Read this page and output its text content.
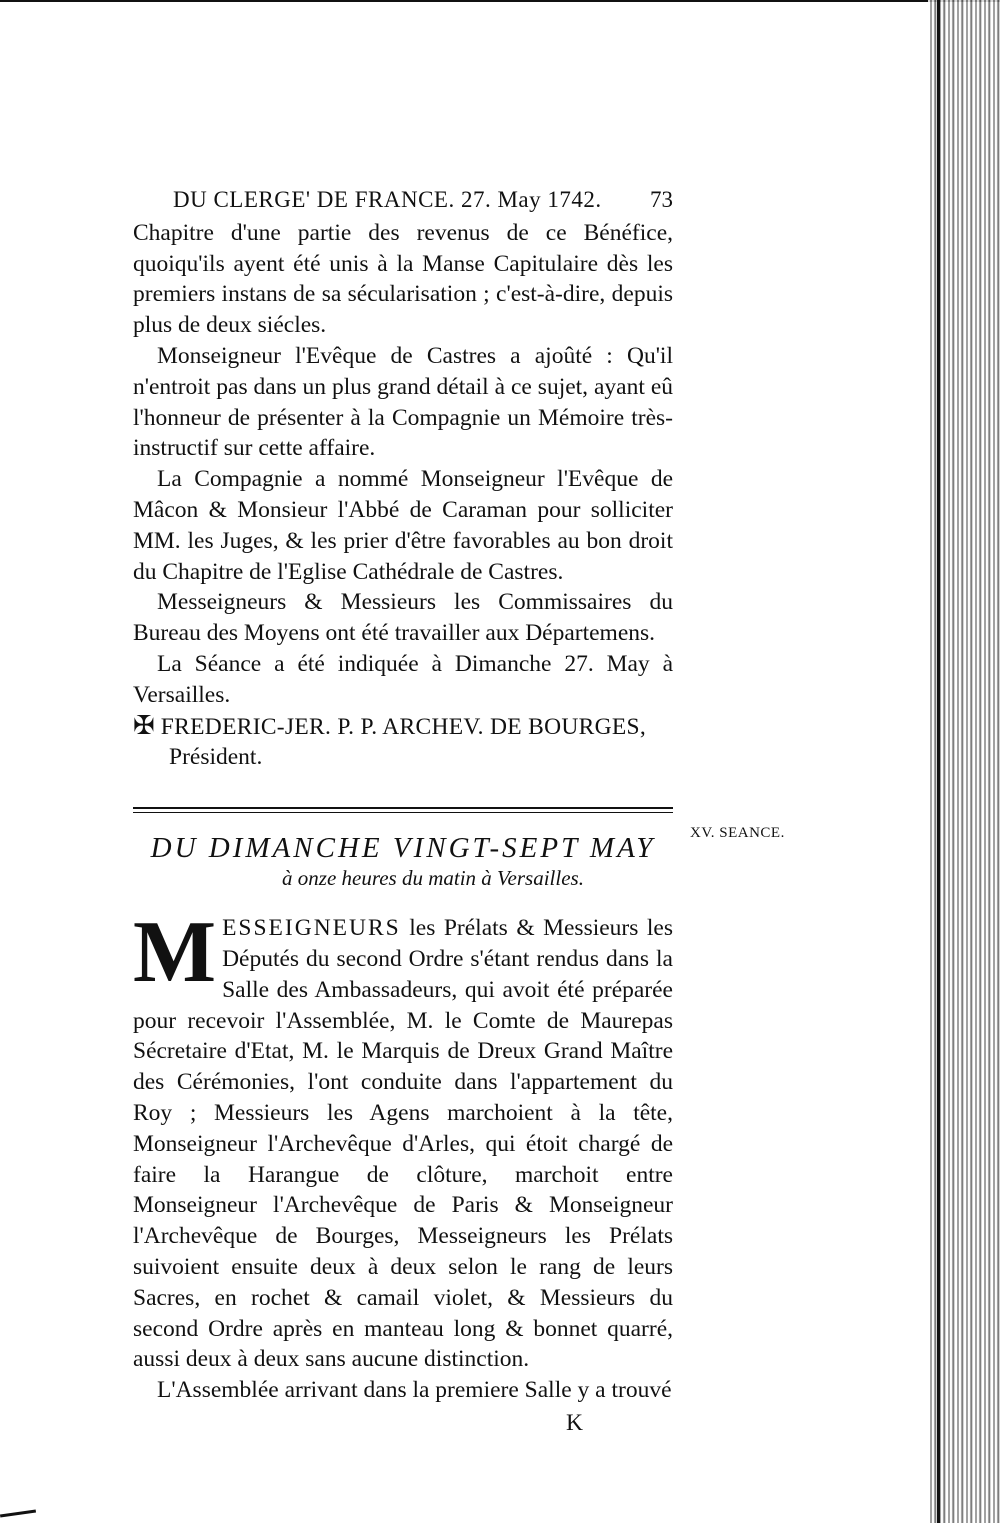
DU CLERGE' DE FRANCE. 27. May 1742. 73

Chapitre d'une partie des revenus de ce Bénéfice, quoiqu'ils ayent été unis à la Manse Capitulaire dès les premiers instans de sa sécularisation ; c'est-à-dire, depuis plus de deux siécles.

Monseigneur l'Evêque de Castres a ajoûté : Qu'il n'entroit pas dans un plus grand détail à ce sujet, ayant eû l'honneur de présenter à la Compagnie un Mémoire très-instructif sur cette affaire.

La Compagnie a nommé Monseigneur l'Evêque de Mâcon & Monsieur l'Abbé de Caraman pour solliciter MM. les Juges, & les prier d'être favorables au bon droit du Chapitre de l'Eglise Cathédrale de Castres.

Messeigneurs & Messieurs les Commissaires du Bureau des Moyens ont été travailler aux Départemens.

La Séance a été indiquée à Dimanche 27. May à Versailles.

✠ FREDERIC-JER. P. P. ARCHEV. DE BOURGES,
Président.
DU DIMANCHE VINGT-SEPT MAY
à onze heures du matin à Versailles.

MESSEIGNEURS les Prélats & Messieurs les Députés du second Ordre s'étant rendus dans la Salle des Ambassadeurs, qui avoit été préparée pour recevoir l'Assemblée, M. le Comte de Maurepas Sécretaire d'Etat, M. le Marquis de Dreux Grand Maître des Cérémonies, l'ont conduite dans l'appartement du Roy ; Messieurs les Agens marchoient à la tête, Monseigneur l'Archevêque d'Arles, qui étoit chargé de faire la Harangue de clôture, marchoit entre Monseigneur l'Archevêque de Paris & Monseigneur l'Archevêque de Bourges, Messeigneurs les Prélats suivoient ensuite deux à deux selon le rang de leurs Sacres, en rochet & camail violet, & Messieurs du second Ordre après en manteau long & bonnet quarré, aussi deux à deux sans aucune distinction.

L'Assemblée arrivant dans la premiere Salle y a trouvé

K
XV. SEANCE.
